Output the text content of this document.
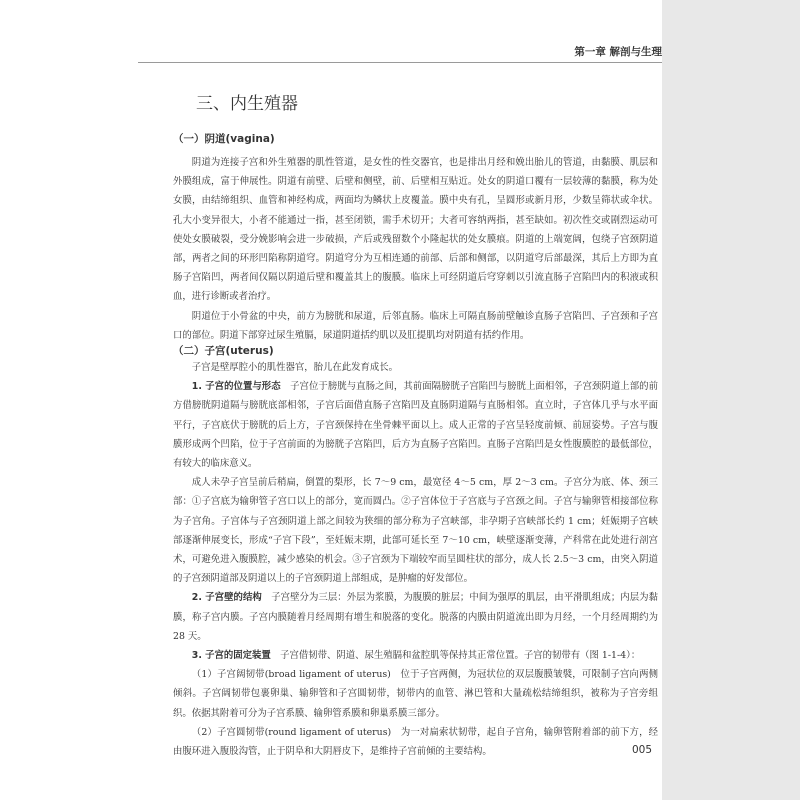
第一章 解剖与生理
三、内生殖器
（一）阴道(vagina)

阴道为连接子宫和外生殖器的肌性管道，是女性的性交器官，也是排出月经和娩出胎儿的管道，由黏膜、肌层和外膜组成，富于伸展性。阴道有前壁、后壁和侧壁，前、后壁相互贴近。处女的阴道口覆有一层较薄的黏膜，称为处女膜，由结缔组织、血管和神经构成，两面均为鳞状上皮覆盖。膜中央有孔，呈圆形或新月形，少数呈筛状或伞状。孔大小变异很大，小者不能通过一指，甚至闭锁，需手术切开；大者可容纳两指，甚至缺如。初次性交或剧烈运动可使处女膜破裂，受分娩影响会进一步破损，产后或残留数个小隆起状的处女膜痕。阴道的上端宽阔，包绕子宫颈阴道部，两者之间的环形凹陷称阴道穹。阴道穹分为互相连通的前部、后部和侧部，以阴道穹后部最深，其后上方即为直肠子宫陷凹，两者间仅隔以阴道后壁和覆盖其上的腹膜。临床上可经阴道后穹穿刺以引流直肠子宫陷凹内的积液或积血，进行诊断或者治疗。

阴道位于小骨盆的中央，前方为膀胱和尿道，后邻直肠。临床上可隔直肠前壁触诊直肠子宫陷凹、子宫颈和子宫口的部位。阴道下部穿过尿生殖膈，尿道阴道括约肌以及肛提肌均对阴道有括约作用。

（二）子宫(uterus)

子宫是壁厚腔小的肌性器官，胎儿在此发育成长。

1. 子宫的位置与形态　 子宫位于膀胱与直肠之间，其前面隔膀胱子宫陷凹与膀胱上面相邻，子宫颈阴道上部的前方借膀胱阴道隔与膀胱底部相邻，子宫后面借直肠子宫陷凹及直肠阴道隔与直肠相邻。直立时，子宫体几乎与水平面平行，子宫底伏于膀胱的后上方，子宫颈保持在坐骨棘平面以上。成人正常的子宫呈轻度前倾、前屈姿势。子宫与腹膜形成两个凹陷，位于子宫前面的为膀胱子宫陷凹，后方为直肠子宫陷凹。直肠子宫陷凹是女性腹膜腔的最低部位，有较大的临床意义。

成人未孕子宫呈前后稍扁，倒置的梨形，长 7～9 cm，最宽径 4～5 cm，厚 2～3 cm。子宫分为底、体、颈三部：①子宫底为输卵管子宫口以上的部分，宽而圆凸。②子宫体位于子宫底与子宫颈之间。子宫与输卵管相接部位称为子宫角。子宫体与子宫颈阴道上部之间较为狭细的部分称为子宫峡部，非孕期子宫峡部长约 1 cm；妊娠期子宫峡部逐渐伸展变长，形成“子宫下段”，至妊娠末期，此部可延长至 7～10 cm，峡壁逐渐变薄，产科常在此处进行剖宫术，可避免进入腹膜腔，减少感染的机会。③子宫颈为下端较窄而呈圆柱状的部分，成人长 2.5～3 cm，由突入阴道的子宫颈阴道部及阴道以上的子宫颈阴道上部组成，是肿瘤的好发部位。

2. 子宫壁的结构　 子宫壁分为三层：外层为浆膜，为腹膜的脏层；中间为强厚的肌层，由平滑肌组成；内层为黏膜，称子宫内膜。子宫内膜随着月经周期有增生和脱落的变化。脱落的内膜由阴道流出即为月经，一个月经周期约为 28 天。

3. 子宫的固定装置　 子宫借韧带、阴道、尿生殖膈和盆腔肌等保持其正常位置。子宫的韧带有（图 1-1-4）：

（1）子宫阔韧带(broad ligament of uterus)　位于子宫两侧，为冠状位的双层腹膜皱襞，可限制子宫向两侧倾斜。子宫阔韧带包裹卵巢、输卵管和子宫圆韧带，韧带内的血管、淋巴管和大量疏松结缔组织，被称为子宫旁组织。依据其附着可分为子宫系膜、输卵管系膜和卵巢系膜三部分。

（2）子宫圆韧带(round ligament of uterus)　为一对扁索状韧带，起自子宫角，输卵管附着部的前下方，经由腹环进入腹股沟管，止于阴阜和大阴唇皮下，是维持子宫前倾的主要结构。	005
